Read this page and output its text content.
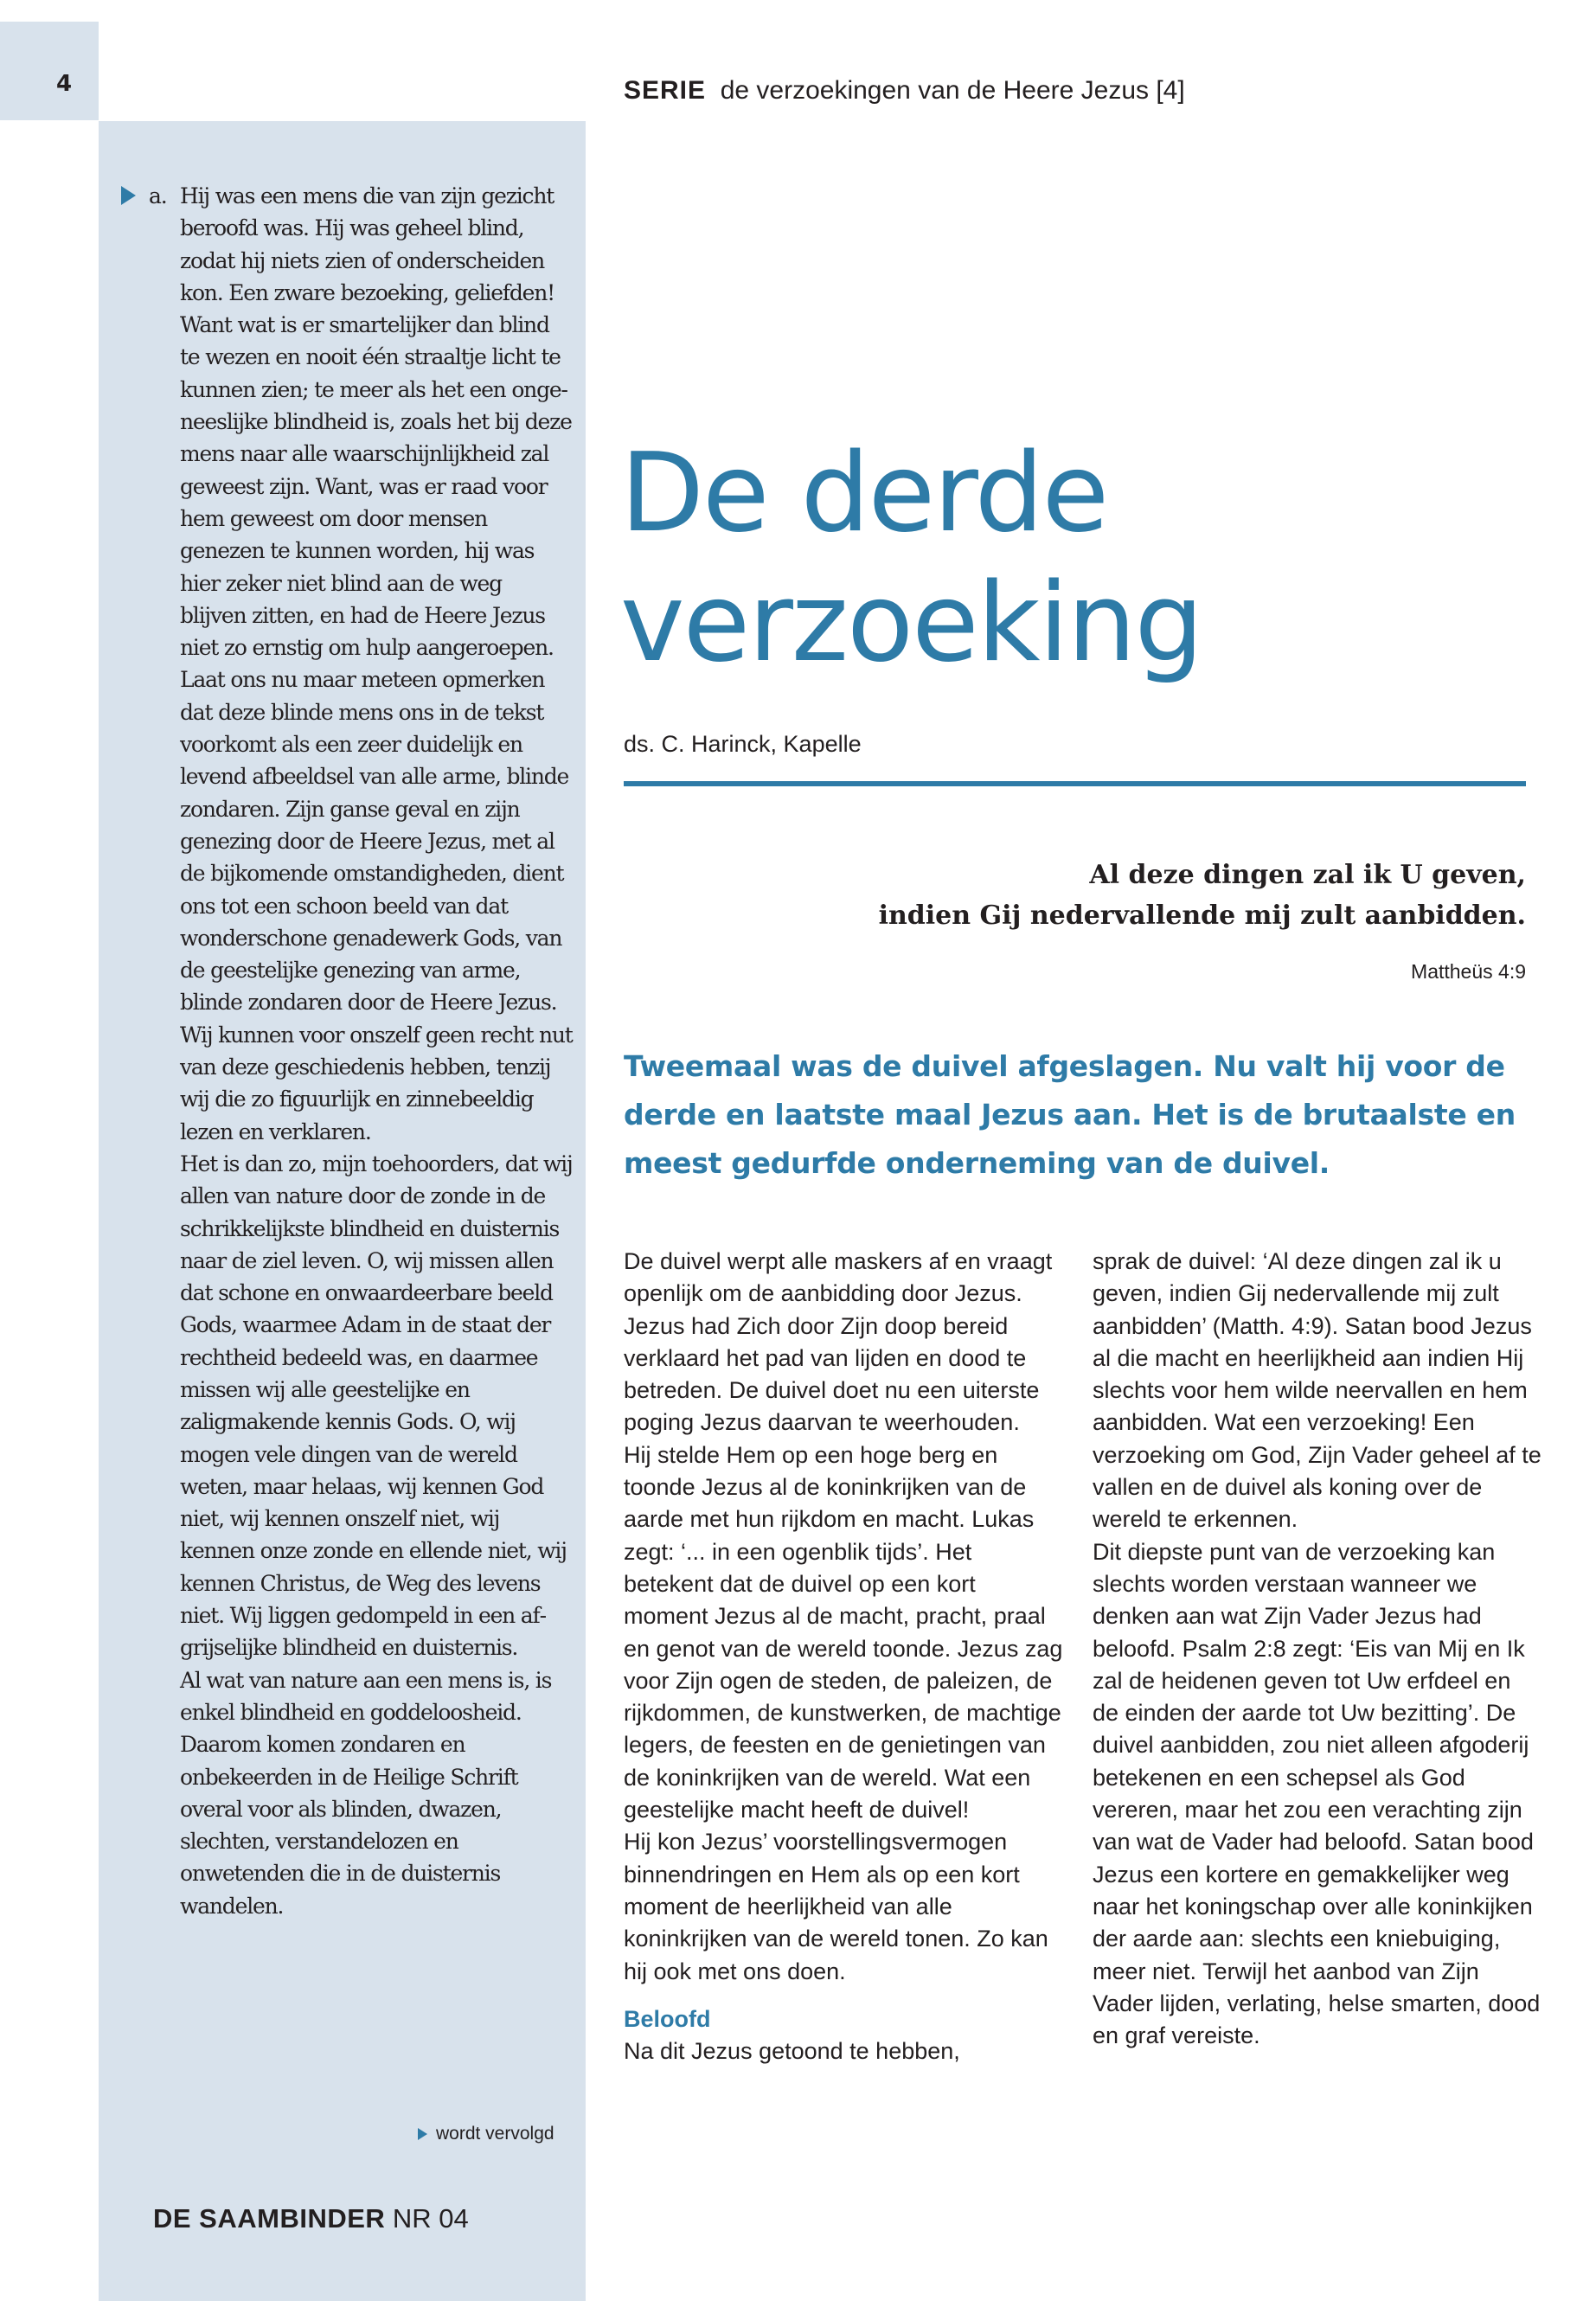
4	SERIE de verzoekingen van de Heere Jezus [4]
a. Hij was een mens die van zijn gezicht beroofd was. Hij was geheel blind, zodat hij niets zien of onderscheiden kon. Een zware bezoeking, geliefden! Want wat is er smartelijker dan blind te wezen en nooit één straaltje licht te kunnen zien; te meer als het een ongeneeslijke blindheid is, zoals het bij deze mens naar alle waarschijnlijkheid zal geweest zijn. Want, was er raad voor hem geweest om door mensen genezen te kunnen worden, hij was hier zeker niet blind aan de weg blijven zitten, en had de Heere Jezus niet zo ernstig om hulp aangeroepen.

Laat ons nu maar meteen opmerken dat deze blinde mens ons in de tekst voorkomt als een zeer duidelijk en levend afbeeldsel van alle arme, blinde zondaren. Zijn ganse geval en zijn genezing door de Heere Jezus, met al de bijkomende omstandigheden, dient ons tot een schoon beeld van dat wonderschone genadewerk Gods, van de geestelijke genezing van arme, blinde zondaren door de Heere Jezus. Wij kunnen voor onszelf geen recht nut van deze geschiedenis hebben, tenzij wij die zo figuurlijk en zinnebeeldig lezen en verklaren.

Het is dan zo, mijn toehoorders, dat wij allen van nature door de zonde in de schrikkelijkste blindheid en duisternis naar de ziel leven. O, wij missen allen dat schone en onwaardeerbare beeld Gods, waarmee Adam in de staat der rechtheid bedeeld was, en daarmee missen wij alle geestelijke en zaligmakende kennis Gods. O, wij mogen vele dingen van de wereld weten, maar helaas, wij kennen God niet, wij kennen onszelf niet, wij kennen onze zonde en ellende niet, wij kennen Christus, de Weg des levens niet. Wij liggen gedompeld in een afgrijselijke blindheid en duisternis.

Al wat van nature aan een mens is, is enkel blindheid en goddeloosheid. Daarom komen zondaren en onbekeerden in de Heilige Schrift overal voor als blinden, dwazen, slechten, verstandelozen en onwetenden die in de duisternis wandelen.

wordt vervolgd
DE SAAMBINDER NR 04
De derde verzoeking
ds. C. Harinck, Kapelle

Al deze dingen zal ik U geven,
indien Gij nedervallende mij zult aanbidden.

Mattheüs 4:9

Tweemaal was de duivel afgeslagen. Nu valt hij voor de derde en laatste maal Jezus aan. Het is de brutaalste en meest gedurfde onderneming van de duivel.

De duivel werpt alle maskers af en vraagt openlijk om de aanbidding door Jezus. Jezus had Zich door Zijn doop bereid verklaard het pad van lijden en dood te betreden. De duivel doet nu een uiterste poging Jezus daarvan te weerhouden.

Hij stelde Hem op een hoge berg en toonde Jezus al de koninkrijken van de aarde met hun rijkdom en macht. Lukas zegt: ‘... in een ogenblik tijds’. Het betekent dat de duivel op een kort moment Jezus al de macht, pracht, praal en genot van de wereld toonde. Jezus zag voor Zijn ogen de steden, de paleizen, de rijkdommen, de kunstwerken, de machtige legers, de feesten en de genietingen van de koninkrijken van de wereld. Wat een geestelijke macht heeft de duivel!

Hij kon Jezus’ voorstellingsvermogen binnendringen en Hem als op een kort moment de heerlijkheid van alle koninkrijken van de wereld tonen. Zo kan hij ook met ons doen.

Beloofd

Na dit Jezus getoond te hebben,

sprak de duivel: ‘Al deze dingen zal ik u geven, indien Gij nedervallende mij zult aanbidden’ (Matth. 4:9). Satan bood Jezus al die macht en heerlijkheid aan indien Hij slechts voor hem wilde neervallen en hem aanbidden. Wat een verzoeking! Een verzoeking om God, Zijn Vader geheel af te vallen en de duivel als koning over de wereld te erkennen.

Dit diepste punt van de verzoeking kan slechts worden verstaan wanneer we denken aan wat Zijn Vader Jezus had beloofd. Psalm 2:8 zegt: ‘Eis van Mij en Ik zal de heidenen geven tot Uw erfdeel en de einden der aarde tot Uw bezitting’. De duivel aanbidden, zou niet alleen afgoderij betekenen en een schepsel als God vereren, maar het zou een verachting zijn van wat de Vader had beloofd. Satan bood Jezus een kortere en gemakkelijker weg naar het koningschap over alle koninkijken der aarde aan: slechts een kniebuiging, meer niet. Terwijl het aanbod van Zijn Vader lijden, verlating, helse smarten, dood en graf vereiste.
